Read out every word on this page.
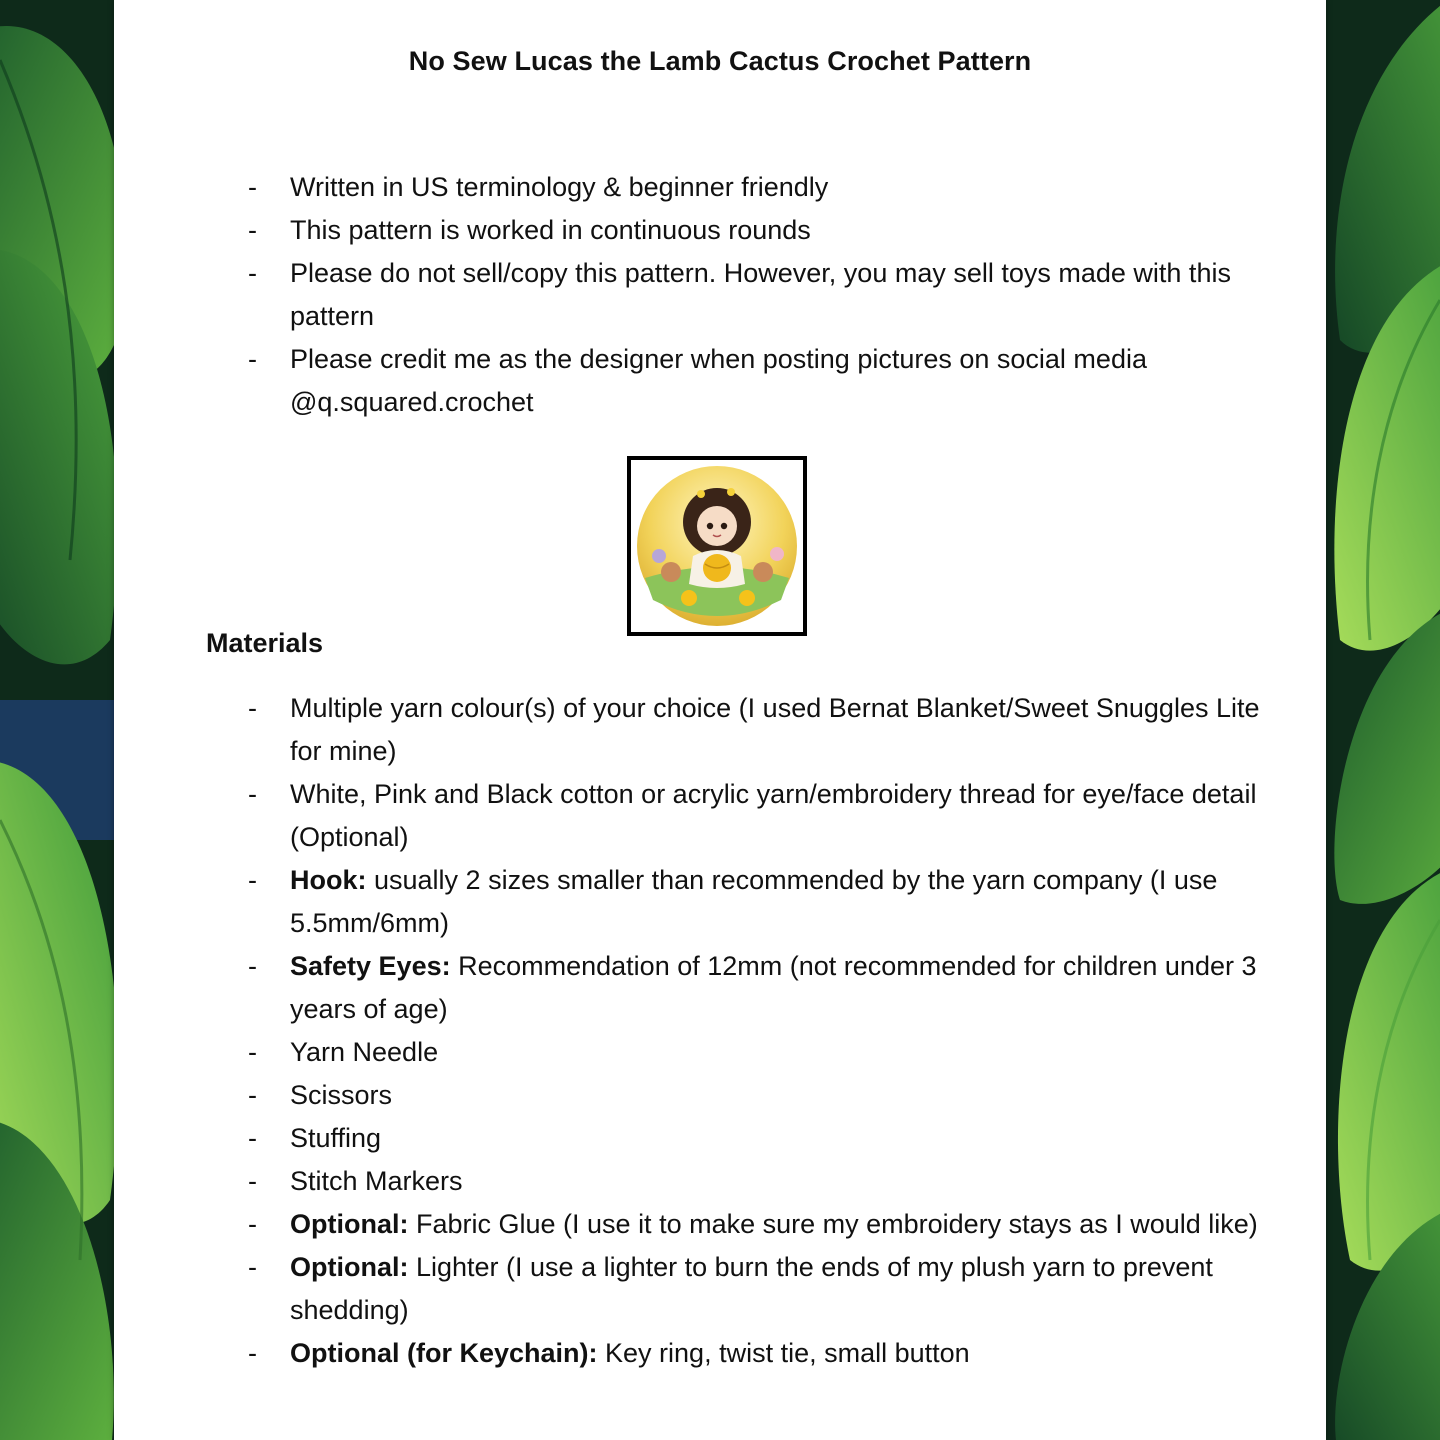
No Sew Lucas the Lamb Cactus Crochet Pattern
- Written in US terminology & beginner friendly
- This pattern is worked in continuous rounds
- Please do not sell/copy this pattern. However, you may sell toys made with this pattern
- Please credit me as the designer when posting pictures on social media @q.squared.crochet
Materials
- Multiple yarn colour(s) of your choice (I used Bernat Blanket/Sweet Snuggles Lite for mine)
- White, Pink and Black cotton or acrylic yarn/embroidery thread for eye/face detail (Optional)
- Hook: usually 2 sizes smaller than recommended by the yarn company (I use 5.5mm/6mm)
- Safety Eyes: Recommendation of 12mm (not recommended for children under 3 years of age)
- Yarn Needle
- Scissors
- Stuffing
- Stitch Markers
- Optional: Fabric Glue (I use it to make sure my embroidery stays as I would like)
- Optional: Lighter (I use a lighter to burn the ends of my plush yarn to prevent shedding)
- Optional (for Keychain): Key ring, twist tie, small button
